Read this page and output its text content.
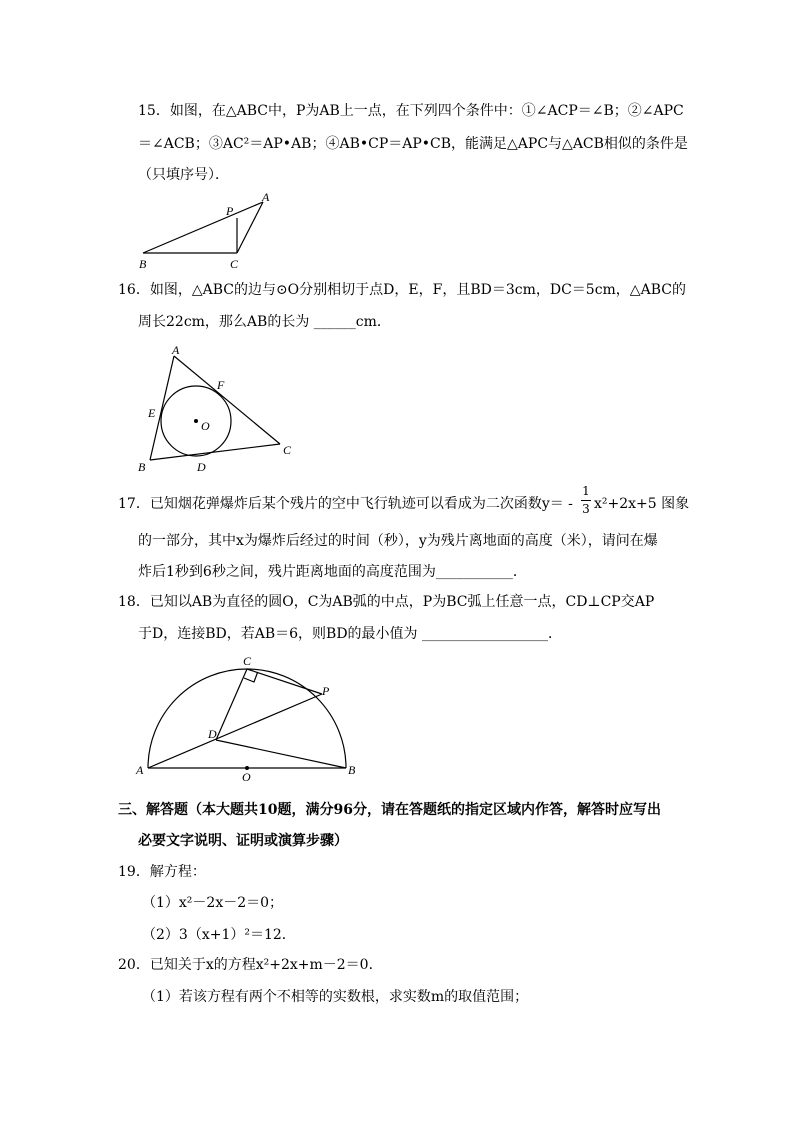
15．如图，在△ABC中，P为AB上一点，在下列四个条件中：①∠ACP＝∠B；②∠APC
＝∠ACB；③AC²＝AP•AB；④AB•CP＝AP•CB，能满足△APC与△ACB相似的条件是
（只填序号）．
A
P
B	C
16．如图，△ABC的边与⊙O分别相切于点D，E，F，且BD＝3cm，DC＝5cm，△ABC的
周长22cm，那么AB的长为 ______cm．
A
F
E
O
C
B	D
17．已知烟花弹爆炸后某个残片的空中飞行轨迹可以看成为二次函数y＝ -
1
3 x²+2x+5 图象
的一部分，其中x为爆炸后经过的时间（秒），y为残片离地面的高度（米），请问在爆
炸后1秒到6秒之间，残片距离地面的高度范围为___________．
18．已知以AB为直径的圆O，C为AB弧的中点，P为BC弧上任意一点，CD⊥CP交AP
于D，连接BD，若AB＝6，则BD的最小值为 __________________．
C
P
D
A	O	B
三、解答题（本大题共10题，满分96分，请在答题纸的指定区域内作答，解答时应写出
必要文字说明、证明或演算步骤）
19．解方程：
（1）x²－2x－2＝0；
（2）3（x+1）²＝12．
20．已知关于x的方程x²+2x+m－2＝0．
（1）若该方程有两个不相等的实数根，求实数m的取值范围；
